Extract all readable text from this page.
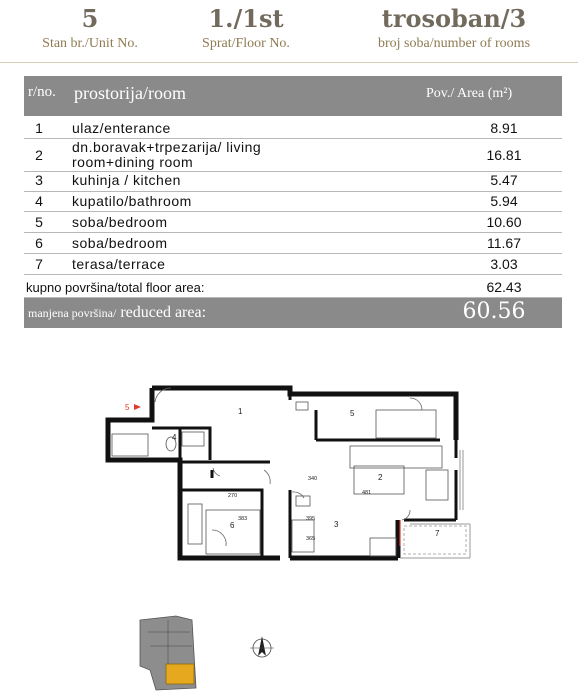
5
Stan br./Unit No.
1./1st
Sprat/Floor No.
trosoban/3
broj soba/number of rooms
r/no. prostorija/room	Pov./ Area (m²)
1	ulaz/enterance	8.91
2	dn.boravak+trpezarija/ living
room+dining room	16.81
3	kuhinja / kitchen	5.47
4	kupatilo/bathroom	5.94
5	soba/bedroom	10.60
6	soba/bedroom	11.67
7	terasa/terrace	3.03
kupno površina/total floor area:	62.43
manjena površina/ reduced area:	60.56
5	1
2
3
4
5
6
7
270	481
340
383	395
365
